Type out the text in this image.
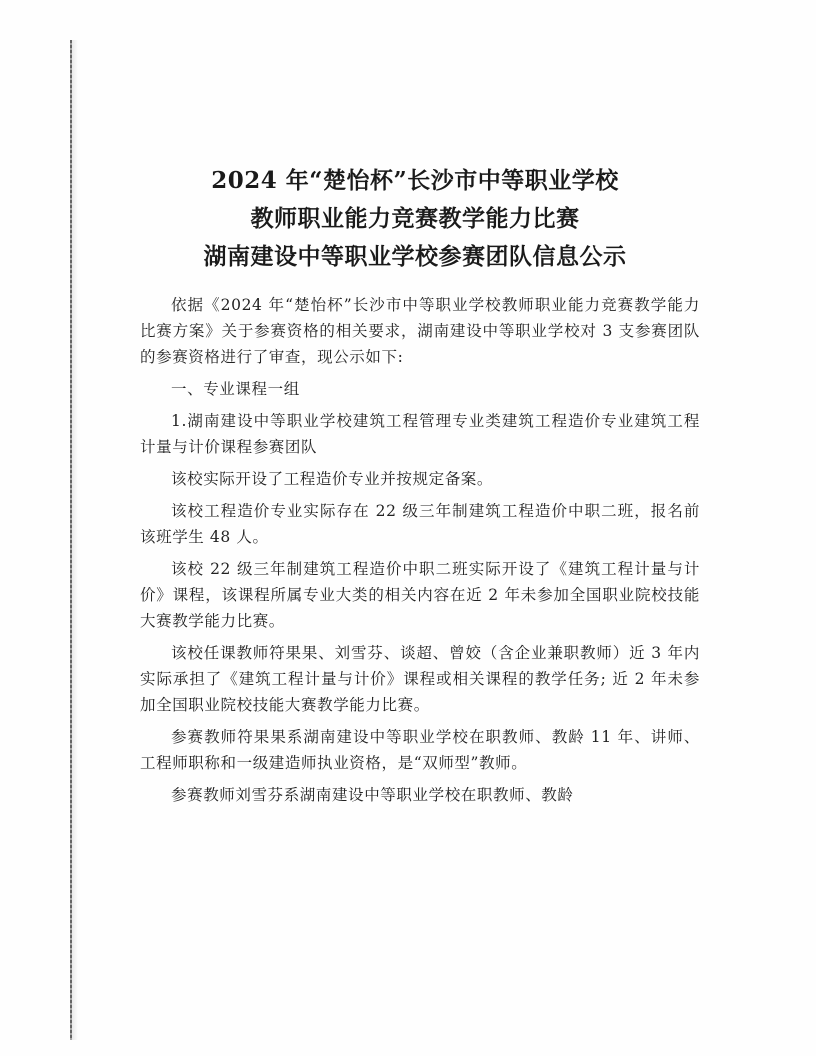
2024 年“楚怡杯”长沙市中等职业学校
教师职业能力竞赛教学能力比赛
湖南建设中等职业学校参赛团队信息公示

依据《2024 年“楚怡杯”长沙市中等职业学校教师职业能力竞赛教学能力比赛方案》关于参赛资格的相关要求，湖南建设中等职业学校对 3 支参赛团队的参赛资格进行了审查，现公示如下:

一、专业课程一组

1.湖南建设中等职业学校建筑工程管理专业类建筑工程造价专业建筑工程计量与计价课程参赛团队

该校实际开设了工程造价专业并按规定备案。

该校工程造价专业实际存在 22 级三年制建筑工程造价中职二班，报名前该班学生 48 人。

该校 22 级三年制建筑工程造价中职二班实际开设了《建筑工程计量与计价》课程，该课程所属专业大类的相关内容在近 2 年未参加全国职业院校技能大赛教学能力比赛。

该校任课教师符果果、刘雪芬、谈超、曾姣（含企业兼职教师）近 3 年内实际承担了《建筑工程计量与计价》课程或相关课程的教学任务; 近 2 年未参加全国职业院校技能大赛教学能力比赛。

参赛教师符果果系湖南建设中等职业学校在职教师、教龄 11 年、讲师、工程师职称和一级建造师执业资格，是“双师型”教师。

参赛教师刘雪芬系湖南建设中等职业学校在职教师、教龄
